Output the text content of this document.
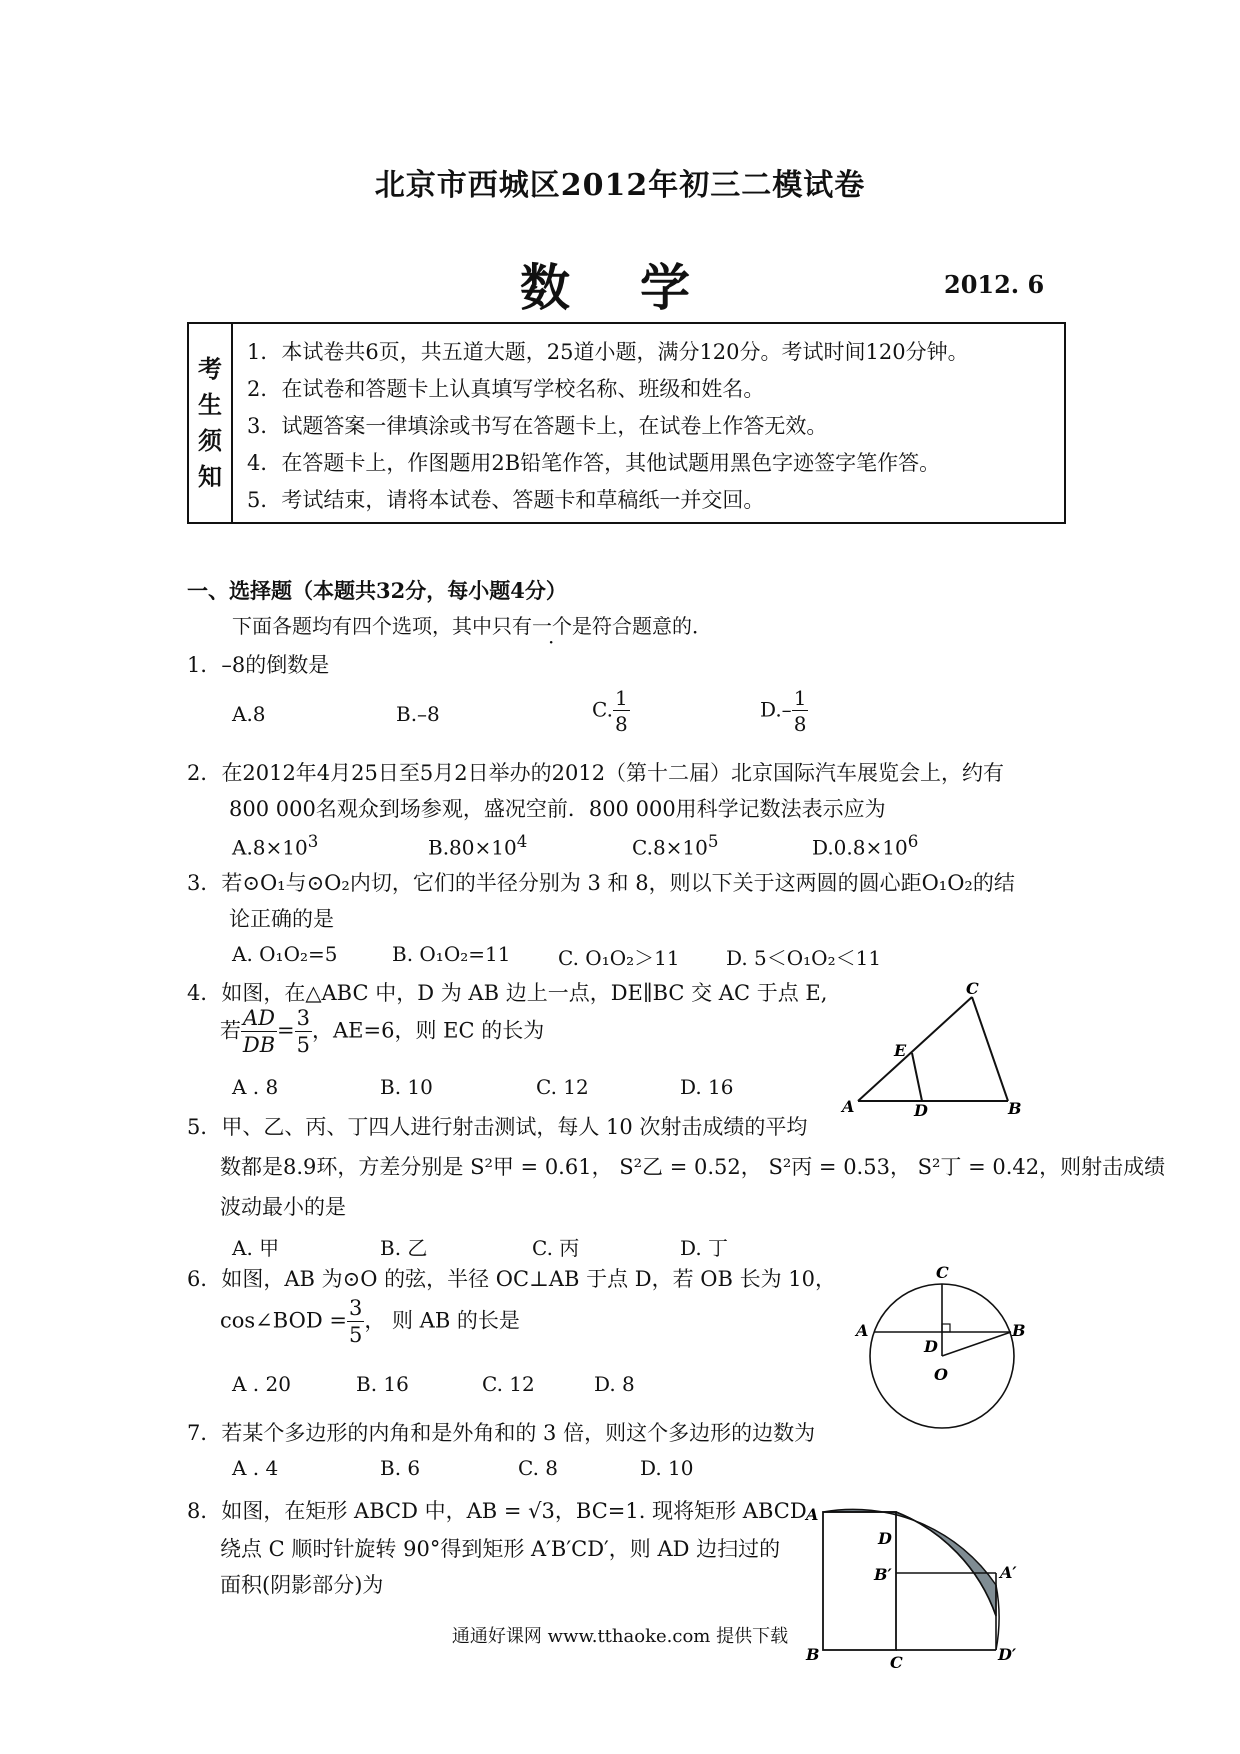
北京市西城区2012年初三二模试卷
数学	2012. 6
考
生
须
知
1．本试卷共6页，共五道大题，25道小题，满分120分。考试时间120分钟。
2．在试卷和答题卡上认真填写学校名称、班级和姓名。
3．试题答案一律填涂或书写在答题卡上，在试卷上作答无效。
4．在答题卡上，作图题用2B铅笔作答，其他试题用黑色字迹签字笔作答。
5．考试结束，请将本试卷、答题卡和草稿纸一并交回。
一、选择题（本题共32分，每小题4分）
下面各题均有四个选项，其中只有一个是符合题意的．
1．–8的倒数是
A.8	B.–8	C. $\frac{1}{8}$	$D.- \frac{1}{8}$
2．在2012年4月25日至5月2日举办的2012（第十二届）北京国际汽车展览会上，约有
800 000名观众到场参观，盛况空前．800 000用科学记数法表示应为
$A.8\times 10^3$	$B.80\times 10^4$	$C.8\times 10^5$	$D.0.8\times 10^6$
3．若⊙O₁与⊙O₂内切，它们的半径分别为 3 和 8，则以下关于这两圆的圆心距O₁O₂的结
论正确的是
A. O₁O₂=5	B. O₁O₂=11 C. O₁O₂＞11 D. 5＜O₁O₂＜11
4．如图，在△ABC 中，D 为 AB 边上一点，DE∥BC 交 AC 于点 E,
若 $\frac{AD}{DB} = \frac{3}{5}$ ，AE=6，则 EC 的长为
A . 8	B. 10	C. 12	D. 16
A	B
C
D
E
5．甲、乙、丙、丁四人进行射击测试，每人 10 次射击成绩的平均
数都是8.9环，方差分别是 S²甲 = 0.61， S²乙 = 0.52， S²丙 = 0.53， S²丁 = 0.42，则射击成绩
波动最小的是
A. 甲	B. 乙	C. 丙	D. 丁
6．如图，AB 为⊙O 的弦，半径 OC⊥AB 于点 D，若 OB 长为 10，
cos∠BOD = $\frac{3}{5}$ ， 则 AB 的长是
A . 20	B. 16	C. 12	D. 8
C
A	B
D
O
7．若某个多边形的内角和是外角和的 3 倍，则这个多边形的边数为
A . 4	B. 6	C. 8	D. 10
8．如图，在矩形 ABCD 中，AB = √3，BC=1. 现将矩形 ABCD
绕点 C 顺时针旋转 90°得到矩形 A′B′CD′，则 AD 边扫过的
面积(阴影部分)为
A
D
B′	A′
B	C	D′
通通好课网 www.tthaoke.com 提供下载
